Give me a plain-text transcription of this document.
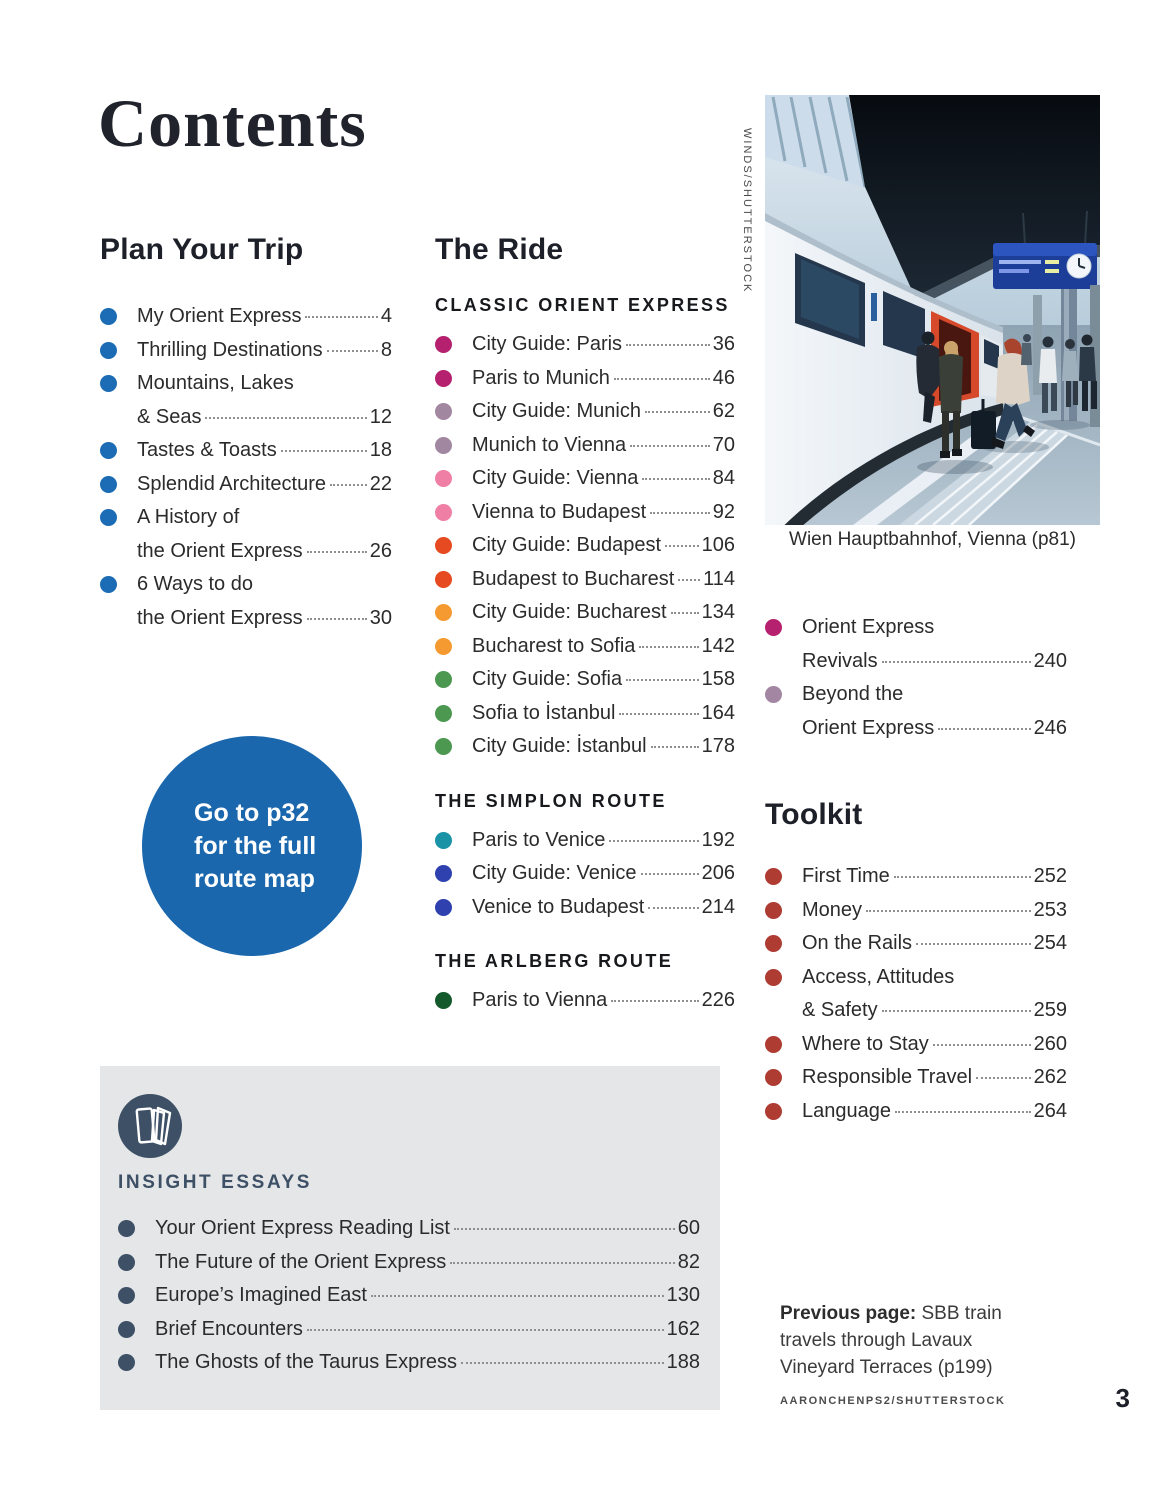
Contents
Plan Your Trip
My Orient Express	4
Thrilling Destinations	8
Mountains, Lakes
& Seas	12
Tastes & Toasts	18
Splendid Architecture 22
A History of
the Orient Express	26
6 Ways to do
the Orient Express	30
The Ride
CLASSIC ORIENT EXPRESS
City Guide: Paris	36
Paris to Munich	46
City Guide: Munich	62
Munich to Vienna	70
City Guide: Vienna	84
Vienna to Budapest	92
City Guide: Budapest 106
Budapest to Bucharest 114
City Guide: Bucharest 134
Bucharest to Sofia	142
City Guide: Sofia	158
Sofia to İstanbul	164
City Guide: İstanbul	178
THE SIMPLON ROUTE
Paris to Venice	192
City Guide: Venice	206
Venice to Budapest	214
THE ARLBERG ROUTE
Paris to Vienna	226
Go to p32
for the full
route map
WINDS/SHUTTERSTOCK
Wien Hauptbahnhof, Vienna (p81)
Orient Express
Revivals	240
Beyond the
Orient Express	246
Toolkit
First Time	252
Money	253
On the Rails	254
Access, Attitudes
& Safety	259
Where to Stay	260
Responsible Travel	262
Language	264
INSIGHT ESSAYS
Your Orient Express Reading List	60
The Future of the Orient Express	82
Europe’s Imagined East	130
Brief Encounters	162
The Ghosts of the Taurus Express	188
Previous page: SBB train travels through Lavaux Vineyard Terraces (p199)
AARONCHENPS2/SHUTTERSTOCK	3
